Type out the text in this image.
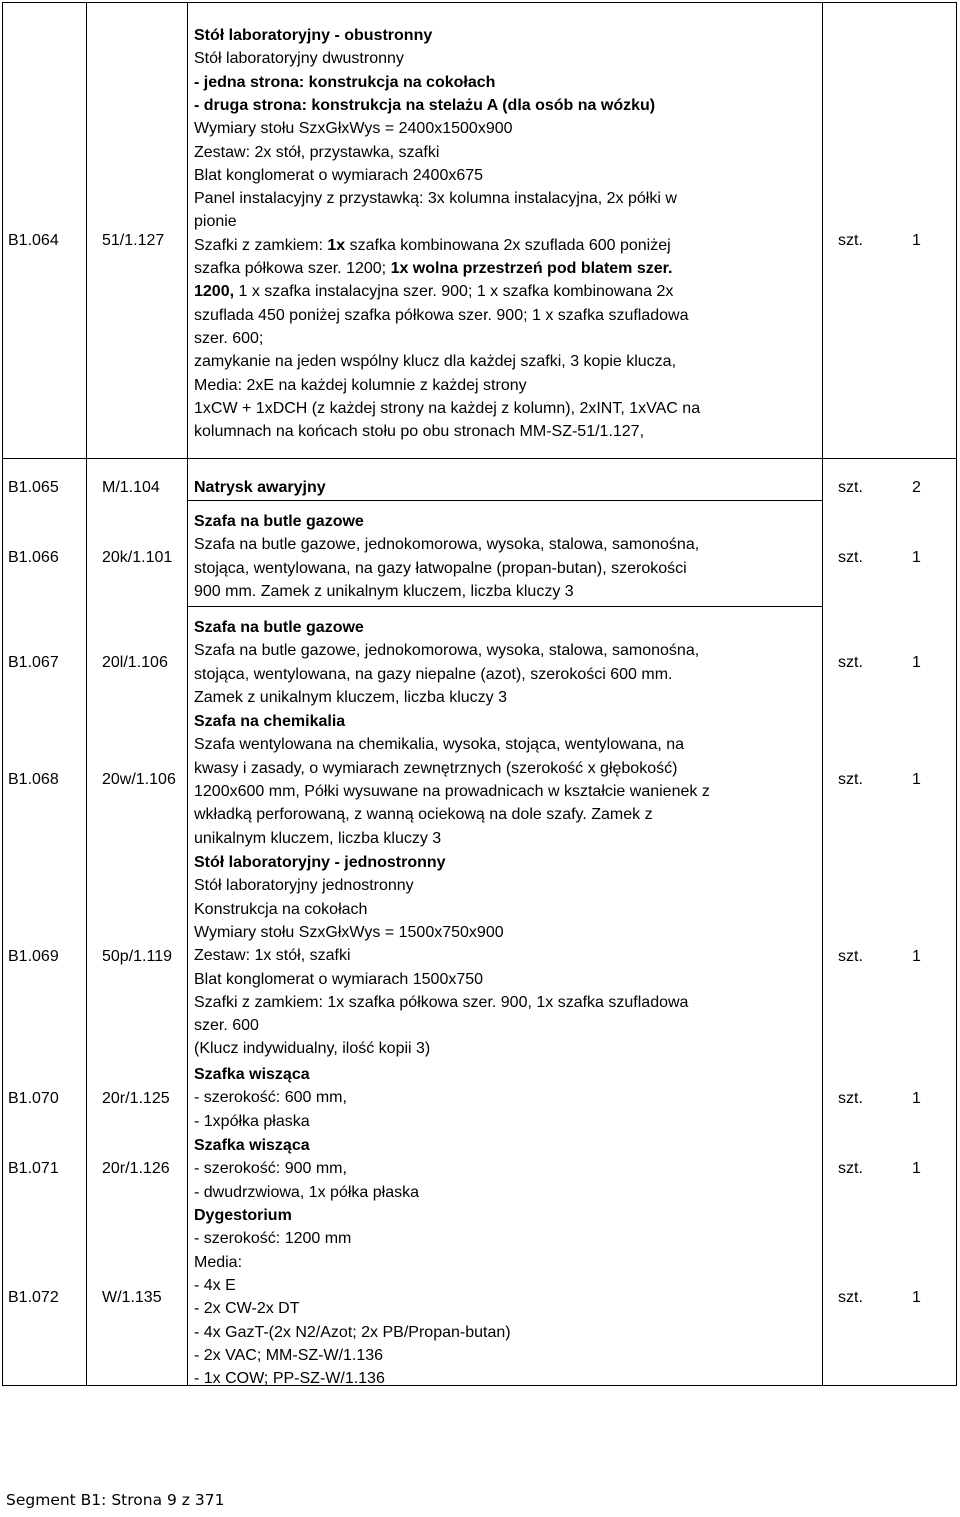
B1.064	51/1.127	szt.	1
Stół laboratoryjny - obustronny
Stół laboratoryjny dwustronny
- jedna strona: konstrukcja na cokołach
- druga strona: konstrukcja na stelażu A (dla osób na wózku)
Wymiary stołu SzxGłxWys = 2400x1500x900
Zestaw: 2x stół, przystawka, szafki
Blat konglomerat o wymiarach 2400x675
Panel instalacyjny z przystawką: 3x kolumna instalacyjna, 2x półki w
pionie
Szafki z zamkiem: 1x szafka kombinowana 2x szuflada 600 poniżej
szafka półkowa szer. 1200; 1x wolna przestrzeń pod blatem szer.
1200, 1 x szafka instalacyjna szer. 900; 1 x szafka kombinowana 2x
szuflada 450 poniżej szafka półkowa szer. 900; 1 x szafka szufladowa
szer. 600;
zamykanie na jeden wspólny klucz dla każdej szafki, 3 kopie klucza,
Media: 2xE na każdej kolumnie z każdej strony
1xCW + 1xDCH (z każdej strony na każdej z kolumn), 2xINT, 1xVAC na
kolumnach na końcach stołu po obu stronach MM-SZ-51/1.127,
B1.065	M/1.104	szt.	2
Natrysk awaryjny
B1.066	20k/1.101	szt.	1
Szafa na butle gazowe
Szafa na butle gazowe, jednokomorowa, wysoka, stalowa, samonośna,
stojąca, wentylowana, na gazy łatwopalne (propan-butan), szerokości
900 mm. Zamek z unikalnym kluczem, liczba kluczy 3
B1.067	20l/1.106	szt.	1
Szafa na butle gazowe
Szafa na butle gazowe, jednokomorowa, wysoka, stalowa, samonośna,
stojąca, wentylowana, na gazy niepalne (azot), szerokości 600 mm.
Zamek z unikalnym kluczem, liczba kluczy 3
B1.068	20w/1.106	szt.	1
Szafa na chemikalia
Szafa wentylowana na chemikalia, wysoka, stojąca, wentylowana, na
kwasy i zasady, o wymiarach zewnętrznych (szerokość x głębokość)
1200x600 mm, Półki wysuwane na prowadnicach w kształcie wanienek z
wkładką perforowaną, z wanną ociekową na dole szafy. Zamek z
unikalnym kluczem, liczba kluczy 3
B1.069	50p/1.119	szt.	1
Stół laboratoryjny - jednostronny
Stół laboratoryjny jednostronny
Konstrukcja na cokołach
Wymiary stołu SzxGłxWys = 1500x750x900
Zestaw: 1x stół, szafki
Blat konglomerat o wymiarach 1500x750
Szafki z zamkiem: 1x szafka półkowa szer. 900, 1x szafka szufladowa
szer. 600
(Klucz indywidualny, ilość kopii 3)
B1.070	20r/1.125	szt.	1
Szafka wisząca
- szerokość: 600 mm,
- 1xpółka płaska
B1.071	20r/1.126	szt.	1
Szafka wisząca
- szerokość: 900 mm,
- dwudrzwiowa, 1x półka płaska
B1.072	W/1.135	szt.	1
Dygestorium
- szerokość: 1200 mm
Media:
- 4x E
- 2x CW-2x DT
- 4x GazT-(2x N2/Azot; 2x PB/Propan-butan)
- 2x VAC; MM-SZ-W/1.136
- 1x COW; PP-SZ-W/1.136
Segment B1: Strona 9 z 371
